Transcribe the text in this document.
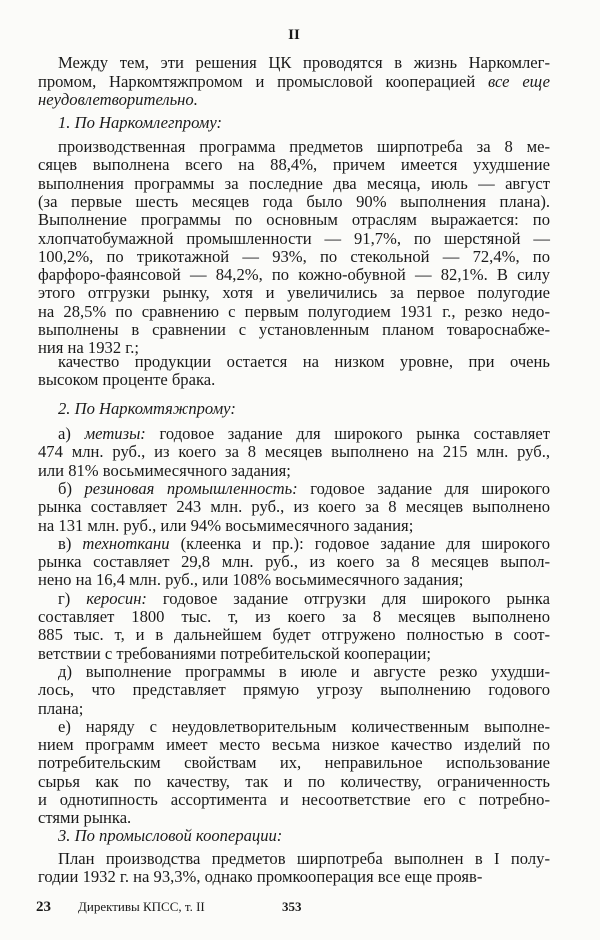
II
Между тем, эти решения ЦК проводятся в жизнь Наркомлег-
промом, Наркомтяжпромом и промысловой кооперацией все еще
неудовлетворительно.
1. По Наркомлегпрому:
производственная программа предметов ширпотреба за 8 ме-
сяцев выполнена всего на 88,4%, причем имеется ухудшение
выполнения программы за последние два месяца, июль — август
(за первые шесть месяцев года было 90% выполнения плана).
Выполнение программы по основным отраслям выражается: по
хлопчатобумажной промышленности — 91,7%, по шерстяной —
100,2%, по трикотажной — 93%, по стекольной — 72,4%, по
фарфоро-фаянсовой — 84,2%, по кожно-обувной — 82,1%. В силу
этого отгрузки рынку, хотя и увеличились за первое полугодие
на 28,5% по сравнению с первым полугодием 1931 г., резко недо-
выполнены в сравнении с установленным планом товароснабже-
ния на 1932 г.;
качество продукции остается на низком уровне, при очень
высоком проценте брака.
2. По Наркомтяжпрому:
а) метизы: годовое задание для широкого рынка составляет
474 млн. руб., из коего за 8 месяцев выполнено на 215 млн. руб.,
или 81% восьмимесячного задания;
б) резиновая промышленность: годовое задание для широкого
рынка составляет 243 млн. руб., из коего за 8 месяцев выполнено
на 131 млн. руб., или 94% восьмимесячного задания;
в) техноткани (клеенка и пр.): годовое задание для широкого
рынка составляет 29,8 млн. руб., из коего за 8 месяцев выпол-
нено на 16,4 млн. руб., или 108% восьмимесячного задания;
г) керосин: годовое задание отгрузки для широкого рынка
составляет 1800 тыс. т, из коего за 8 месяцев выполнено
885 тыс. т, и в дальнейшем будет отгружено полностью в соот-
ветствии с требованиями потребительской кооперации;
д) выполнение программы в июле и августе резко ухудши-
лось, что представляет прямую угрозу выполнению годового
плана;
е) наряду с неудовлетворительным количественным выполне-
нием программ имеет место весьма низкое качество изделий по
потребительским свойствам их, неправильное использование
сырья как по качеству, так и по количеству, ограниченность
и однотипность ассортимента и несоответствие его с потребно-
стями рынка.
3. По промысловой кооперации:
План производства предметов ширпотреба выполнен в I полу-
годии 1932 г. на 93,3%, однако промкооперация все еще прояв-
23 Директивы КПСС, т. II	353
